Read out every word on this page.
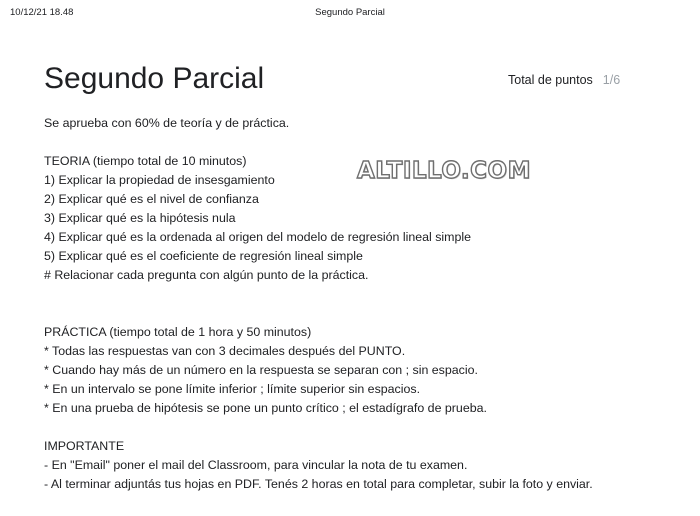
10/12/21 18.48	Segundo Parcial
Segundo Parcial	Total de puntos 1/6
Se aprueba con 60% de teoría y de práctica.
TEORIA (tiempo total de 10 minutos)
1) Explicar la propiedad de insesgamiento
2) Explicar qué es el nivel de confianza
3) Explicar qué es la hipótesis nula
4) Explicar qué es la ordenada al origen del modelo de regresión lineal simple
5) Explicar qué es el coeficiente de regresión lineal simple
# Relacionar cada pregunta con algún punto de la práctica.
PRÁCTICA (tiempo total de 1 hora y 50 minutos)
* Todas las respuestas van con 3 decimales después del PUNTO.
* Cuando hay más de un número en la respuesta se separan con ; sin espacio.
* En un intervalo se pone límite inferior ; límite superior sin espacios.
* En una prueba de hipótesis se pone un punto crítico ; el estadígrafo de prueba.
IMPORTANTE
- En "Email" poner el mail del Classroom, para vincular la nota de tu examen.
- Al terminar adjuntás tus hojas en PDF. Tenés 2 horas en total para completar, subir la foto y enviar.
ALTILLO.COM
